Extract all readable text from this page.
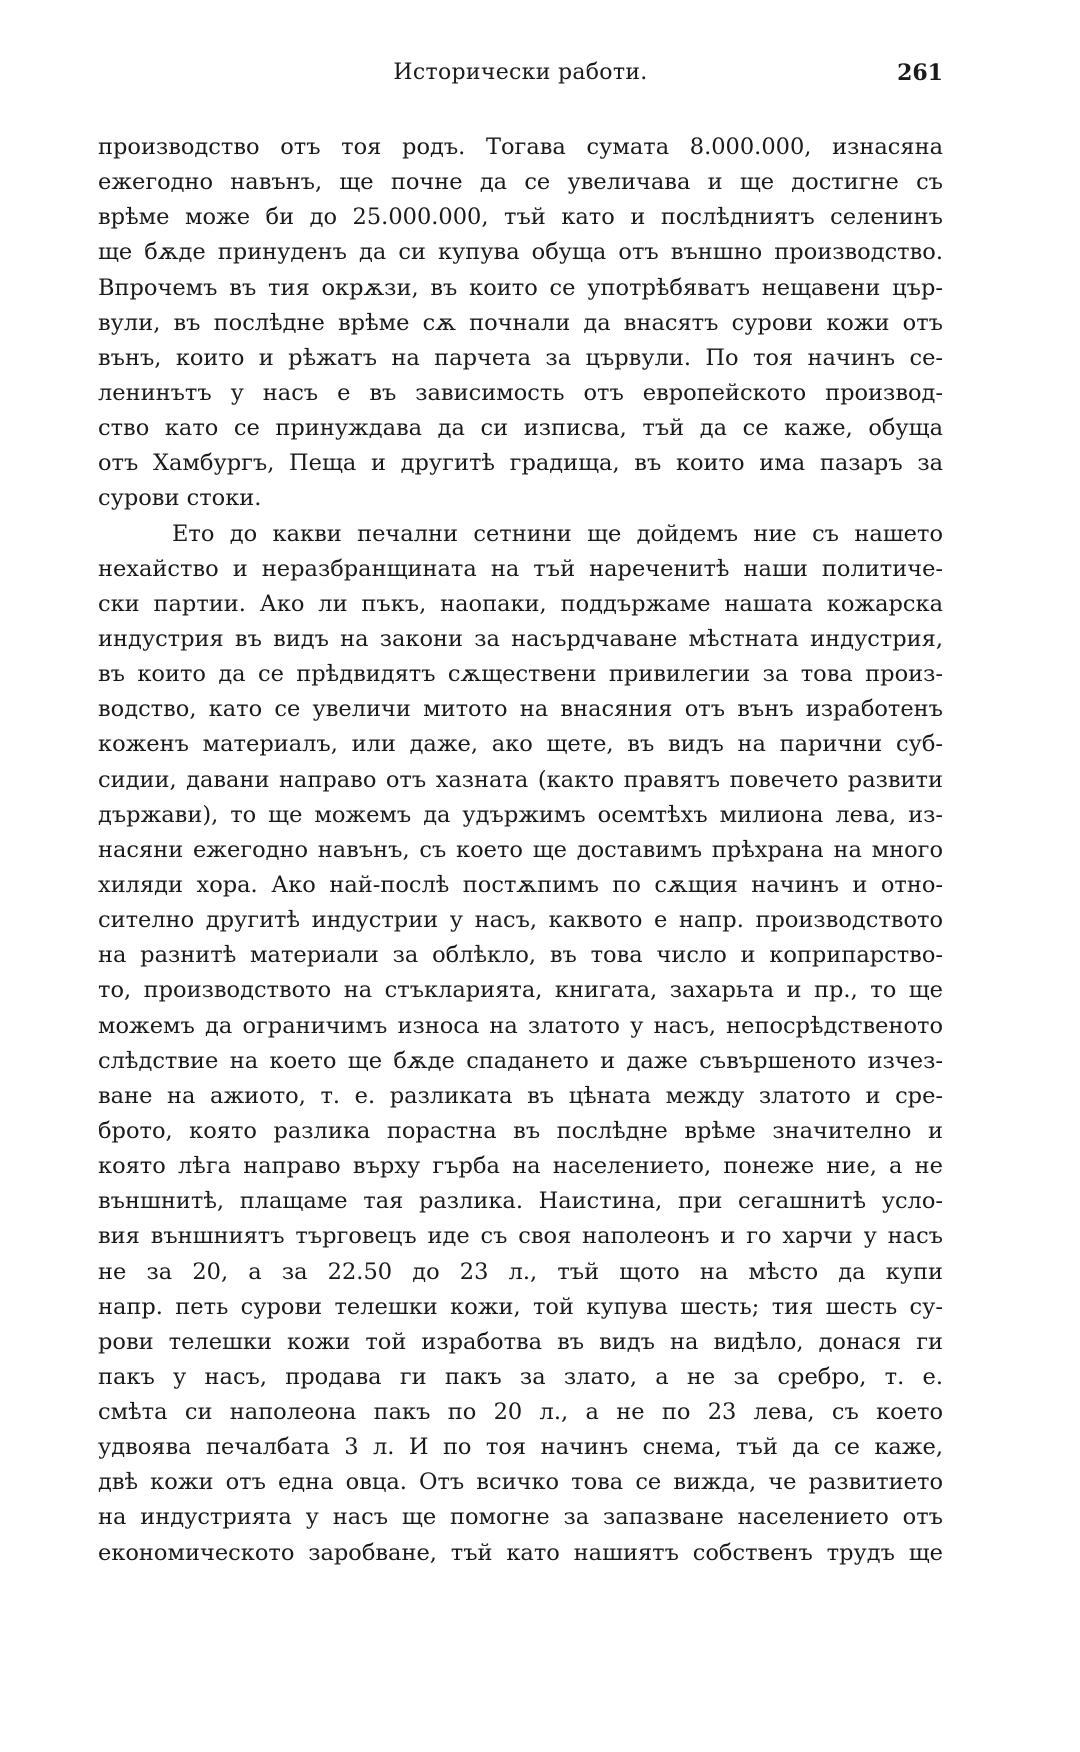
Исторически работи.	261
производство отъ тоя родъ. Тогава сумата 8.000.000, изнасяна
ежегодно навънъ, ще почне да се увеличава и ще достигне съ
врѣме може би до 25.000.000, тъй като и послѣдниятъ селенинъ
ще бѫде принуденъ да си купува обуща отъ външно производство.
Впрочемъ въ тия окрѫзи, въ които се употрѣбяватъ нещавени цър-
вули, въ послѣдне врѣме сѫ почнали да внасятъ сурови кожи отъ
вънъ, които и рѣжатъ на парчета за цървули. По тоя начинъ се-
ленинътъ у насъ е въ зависимость отъ европейското производ-
ство като се принуждава да си изписва, тъй да се каже, обуща
отъ Хамбургъ, Пеща и другитѣ градища, въ които има пазаръ за
сурови стоки.
Ето до какви печални сетнини ще дойдемъ ние съ нашето
нехайство и неразбранщината на тъй нареченитѣ наши политиче-
ски партии. Ако ли пъкъ, наопаки, поддържаме нашата кожарска
индустрия въ видъ на закони за насърдчаване мѣстната индустрия,
въ които да се прѣдвидятъ сѫществени привилегии за това произ-
водство, като се увеличи митото на внасяния отъ вънъ изработенъ
коженъ материалъ, или даже, ако щете, въ видъ на парични суб-
сидии, давани направо отъ хазната (както правятъ повечето развити
държави), то ще можемъ да удържимъ осемтѣхъ милиона лева, из-
насяни ежегодно навънъ, съ което ще доставимъ прѣхрана на много
хиляди хора. Ако най-послѣ постѫпимъ по сѫщия начинъ и отно-
сително другитѣ индустрии у насъ, каквото е напр. производството
на разнитѣ материали за облѣкло, въ това число и коприпарство-
то, производството на стъкларията, книгата, захарьта и пр., то ще
можемъ да ограничимъ износа на златото у насъ, непосрѣдственото
слѣдствие на което ще бѫде спадането и даже съвършеното изчез-
ване на ажиото, т. е. разликата въ цѣната между златото и сре-
брото, която разлика порастна въ послѣдне врѣме значително и
която лѣга направо върху гърба на населението, понеже ние, а не
външнитѣ, плащаме тая разлика. Наистина, при сегашнитѣ усло-
вия външниятъ търговецъ иде съ своя наполеонъ и го харчи у насъ
не за 20, а за 22.50 до 23 л., тъй щото на мѣсто да купи
напр. петь сурови телешки кожи, той купува шесть; тия шесть су-
рови телешки кожи той изработва въ видъ на видѣло, донася ги
пакъ у насъ, продава ги пакъ за злато, а не за сребро, т. е.
смѣта си наполеона пакъ по 20 л., а не по 23 лева, съ което
удвоява печалбата 3 л. И по тоя начинъ снема, тъй да се каже,
двѣ кожи отъ една овца. Отъ всичко това се вижда, че развитието
на индустрията у насъ ще помогне за запазване населението отъ
економическото заробване, тъй като нашиятъ собственъ трудъ ще
